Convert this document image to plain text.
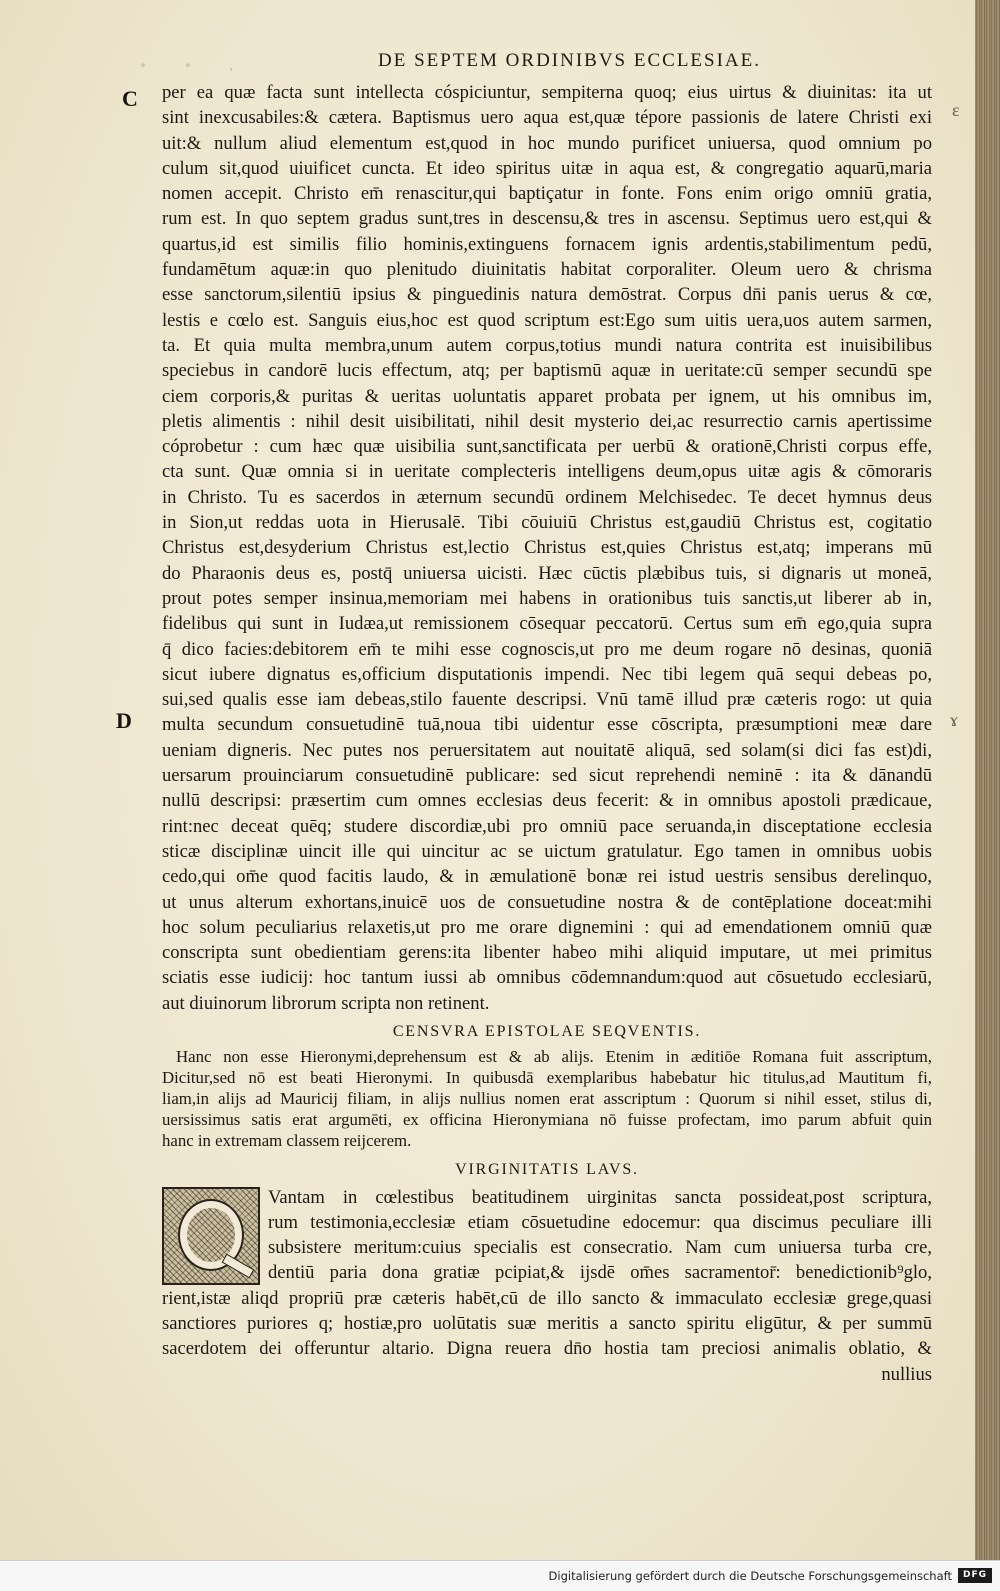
∘ ∘ ,	DE SEPTEM ORDINIBVS ECCLESIAE.
C
D
ɛ
ɤ
per ea quæ facta sunt intellecta cóspiciuntur, sempiterna quoq; eius uirtus & diuinitas: ita ut
sint inexcusabiles:& cætera. Baptismus uero aqua est,quæ tépore passionis de latere Christi exi
uit:& nullum aliud elementum est,quod in hoc mundo purificet uniuersa, quod omnium po
culum sit,quod uiuificet cuncta. Et ideo spiritus uitæ in aqua est, & congregatio aquarū,maria
nomen accepit. Christo em̄ renascitur,qui baptiçatur in fonte. Fons enim origo omniū gratia,
rum est. In quo septem gradus sunt,tres in descensu,& tres in ascensu. Septimus uero est,qui &
quartus,id est similis filio hominis,extinguens fornacem ignis ardentis,stabilimentum pedū,
fundamētum aquæ:in quo plenitudo diuinitatis habitat corporaliter. Oleum uero & chrisma
esse sanctorum,silentiū ipsius & pinguedinis natura demōstrat. Corpus dn̄i panis uerus & cœ,
lestis e cœlo est. Sanguis eius,hoc est quod scriptum est:Ego sum uitis uera,uos autem sarmen,
ta. Et quia multa membra,unum autem corpus,totius mundi natura contrita est inuisibilibus
speciebus in candorē lucis effectum, atq; per baptismū aquæ in ueritate:cū semper secundū spe
ciem corporis,& puritas & ueritas uoluntatis apparet probata per ignem, ut his omnibus im,
pletis alimentis : nihil desit uisibilitati, nihil desit mysterio dei,ac resurrectio carnis apertissime
cóprobetur : cum hæc quæ uisibilia sunt,sanctificata per uerbū & orationē,Christi corpus effe,
cta sunt. Quæ omnia si in ueritate complecteris intelligens deum,opus uitæ agis & cōmoraris
in Christo. Tu es sacerdos in æternum secundū ordinem Melchisedec. Te decet hymnus deus
in Sion,ut reddas uota in Hierusalē. Tibi cōuiuiū Christus est,gaudiū Christus est, cogitatio
Christus est,desyderium Christus est,lectio Christus est,quies Christus est,atq; imperans mū
do Pharaonis deus es, postq̄ uniuersa uicisti. Hæc cūctis plæbibus tuis, si dignaris ut moneā,
prout potes semper insinua,memoriam mei habens in orationibus tuis sanctis,ut liberer ab in,
fidelibus qui sunt in Iudæa,ut remissionem cōsequar peccatorū. Certus sum em̄ ego,quia supra
q̄ dico facies:debitorem em̄ te mihi esse cognoscis,ut pro me deum rogare nō desinas, quoniā
sicut iubere dignatus es,officium disputationis impendi. Nec tibi legem quā sequi debeas po,
sui,sed qualis esse iam debeas,stilo fauente descripsi. Vnū tamē illud præ cæteris rogo: ut quia
multa secundum consuetudinē tuā,noua tibi uidentur esse cōscripta, præsumptioni meæ dare
ueniam digneris. Nec putes nos peruersitatem aut nouitatē aliquā, sed solam(si dici fas est)di,
uersarum prouinciarum consuetudinē publicare: sed sicut reprehendi neminē : ita & dānandū
nullū descripsi: præsertim cum omnes ecclesias deus fecerit: & in omnibus apostoli prædicaue,
rint:nec deceat quēq; studere discordiæ,ubi pro omniū pace seruanda,in disceptatione ecclesia
sticæ disciplinæ uincit ille qui uincitur ac se uictum gratulatur. Ego tamen in omnibus uobis
cedo,qui om̄e quod facitis laudo, & in æmulationē bonæ rei istud uestris sensibus derelinquo,
ut unus alterum exhortans,inuicē uos de consuetudine nostra & de contēplatione doceat:mihi
hoc solum peculiarius relaxetis,ut pro me orare dignemini : qui ad emendationem omniū quæ
conscripta sunt obedientiam gerens:ita libenter habeo mihi aliquid imputare, ut mei primitus
sciatis esse iudicij: hoc tantum iussi ab omnibus cōdemnandum:quod aut cōsuetudo ecclesiarū,
aut diuinorum librorum scripta non retinent.
CENSVRA EPISTOLAE SEQVENTIS.
Hanc non esse Hieronymi,deprehensum est & ab alijs. Etenim in æditiōe Romana fuit asscriptum,
Dicitur,sed nō est beati Hieronymi. In quibusdā exemplaribus habebatur hic titulus,ad Mautitum fi,
liam,in alijs ad Mauricij filiam, in alijs nullius nomen erat asscriptum : Quorum si nihil esset, stilus di,
uersissimus satis erat argumēti, ex officina Hieronymiana nō fuisse profectam, imo parum abfuit quin
hanc in extremam classem reijcerem.
VIRGINITATIS LAVS.
Vantam in cœlestibus beatitudinem uirginitas sancta possideat,post scriptura,
rum testimonia,ecclesiæ etiam cōsuetudine edocemur: qua discimus peculiare illi
subsistere meritum:cuius specialis est consecratio. Nam cum uniuersa turba cre,
dentiū paria dona gratiæ pcipiat,& ijsdē om̄es sacramentor̄: benedictionib⁹glo,
rient,istæ aliqd propriū præ cæteris habēt,cū de illo sancto & immaculato ecclesiæ grege,quasi
sanctiores puriores q; hostiæ,pro uolūtatis suæ meritis a sancto spiritu eligūtur, & per summū
sacerdotem dei offeruntur altario. Digna reuera dn̄o hostia tam preciosi animalis oblatio, &
nullius
Digitalisierung gefördert durch die Deutsche Forschungsgemeinschaft	DFG
